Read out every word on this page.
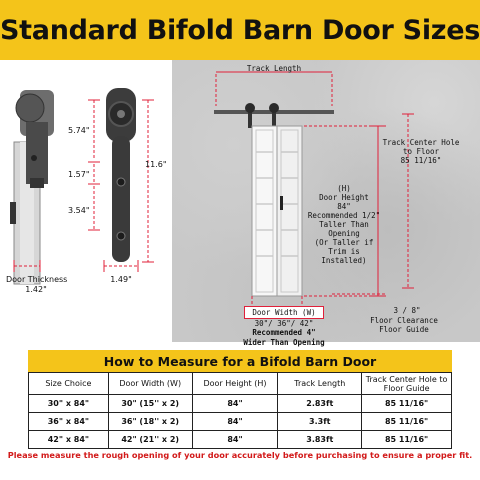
Standard Bifold Barn Door Sizes
5.74"
11.6"
1.57"
3.54"
Door Thickness
1.42"
1.49"
Track Length
Track Center Hole
to Floor
85 11/16"
(H)
Door Height
84"
Recommended 1/2"
Taller Than
Opening
(Or Taller if
Trim is
Installed)
3 / 8"
Floor Clearance
Floor Guide
Door Width (W)
30"/ 36"/ 42"
Recommended 4"
Wider Than Opening
How to Measure for a Bifold Barn Door
Size Choice	Door Width (W)	Door Height (H)	Track Length	Track Center Hole to Floor Guide
30" x 84"	30" (15'' x 2)	84"	2.83ft	85 11/16"
36" x 84"	36" (18'' x 2)	84"	3.3ft	85 11/16"
42" x 84"	42" (21'' x 2)	84"	3.83ft	85 11/16"
Please measure the rough opening of your door accurately before purchasing to ensure a proper fit.
